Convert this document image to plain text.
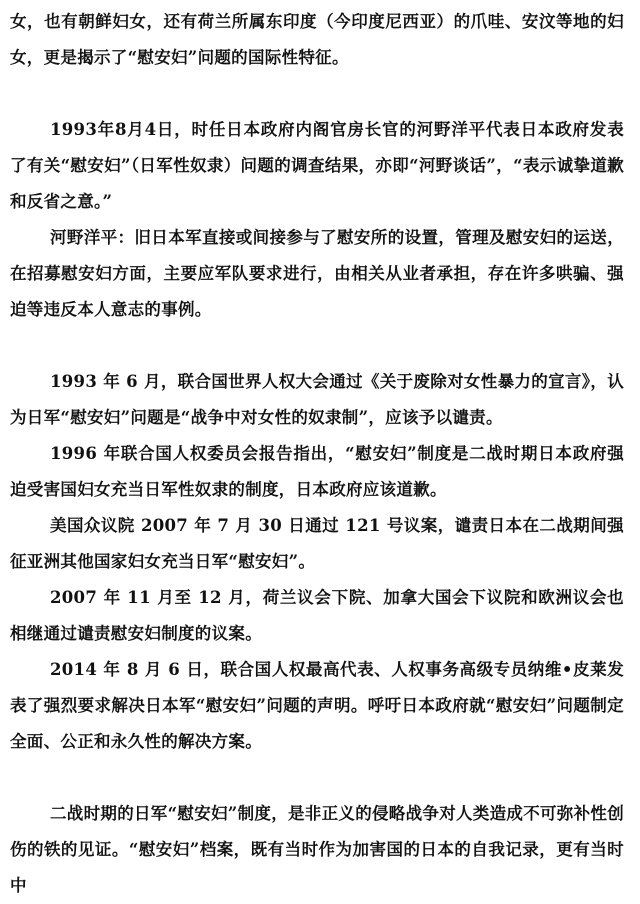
女，也有朝鲜妇女，还有荷兰所属东印度（今印度尼西亚）的爪哇、安汶等地的妇女，更是揭示了“慰安妇”问题的国际性特征。

1993年8月4日，时任日本政府内阁官房长官的河野洋平代表日本政府发表了有关“慰安妇”（日军性奴隶）问题的调查结果，亦即“河野谈话”，“表示诚挚道歉和反省之意。”

河野洋平：旧日本军直接或间接参与了慰安所的设置，管理及慰安妇的运送，在招募慰安妇方面，主要应军队要求进行，由相关从业者承担，存在许多哄骗、强迫等违反本人意志的事例。

1993 年 6 月，联合国世界人权大会通过《关于废除对女性暴力的宣言》，认为日军“慰安妇”问题是“战争中对女性的奴隶制”，应该予以谴责。

1996 年联合国人权委员会报告指出，“慰安妇”制度是二战时期日本政府强迫受害国妇女充当日军性奴隶的制度，日本政府应该道歉。

美国众议院 2007 年 7 月 30 日通过 121 号议案，谴责日本在二战期间强征亚洲其他国家妇女充当日军“慰安妇”。

2007 年 11 月至 12 月，荷兰议会下院、加拿大国会下议院和欧洲议会也相继通过谴责慰安妇制度的议案。

2014 年 8 月 6 日，联合国人权最高代表、人权事务高级专员纳维•皮莱发表了强烈要求解决日本军“慰安妇”问题的声明。呼吁日本政府就“慰安妇”问题制定全面、公正和永久性的解决方案。

二战时期的日军“慰安妇”制度，是非正义的侵略战争对人类造成不可弥补性创伤的铁的见证。“慰安妇”档案，既有当时作为加害国的日本的自我记录，更有当时中
